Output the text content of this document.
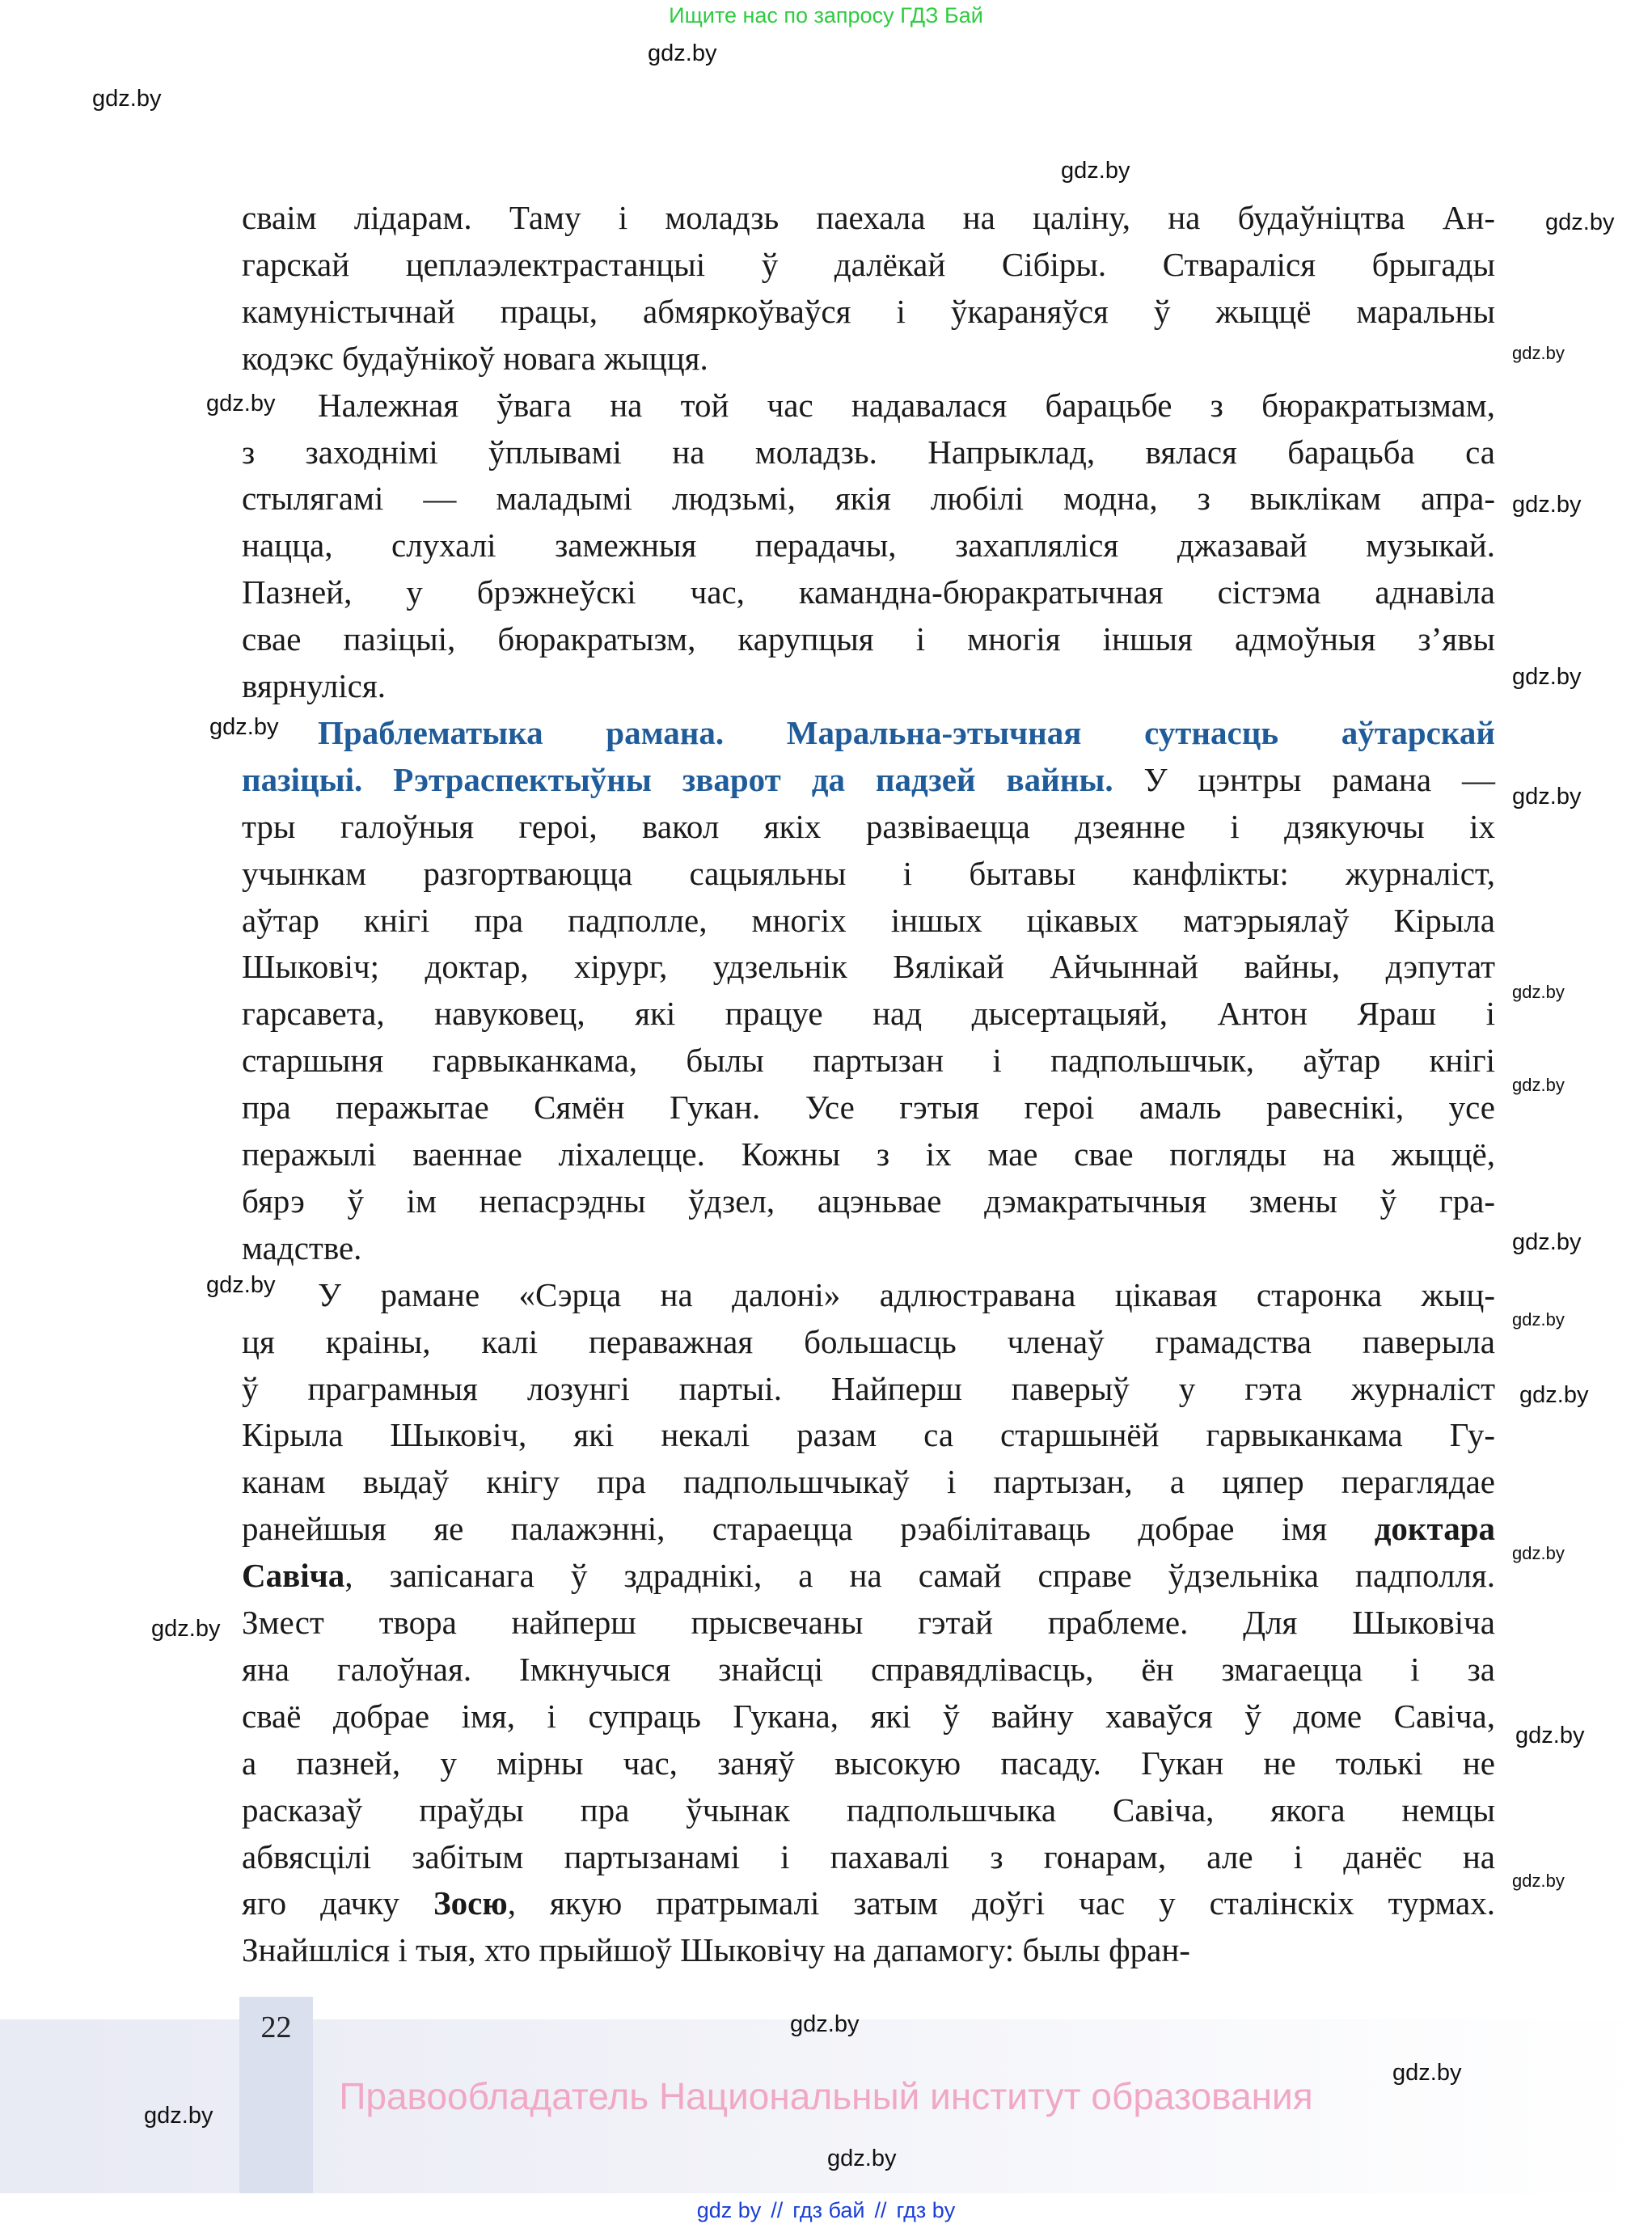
Ищите нас по запросу ГДЗ Бай
сваім лідарам. Таму і моладзь паехала на цаліну, на будаўніцтва Ан-
гарскай цеплаэлектрастанцыі ў далёкай Сібіры. Стварaліся брыгады
камуністычнай працы, абмяркоўваўся і ўкараняўся ў жыццё маральны
кодэкс будаўнікоў новага жыцця.
Належная ўвага на той час надавалася барацьбе з бюракратызмам,
з заходнімі ўплывамі на моладзь. Напрыклад, вялася барацьба са
стылягамі — маладымі людзьмі, якія любілі модна, з выклікам апра-
нацца, слухалі замежныя перадачы, захапляліся джазавай музыкай.
Пазней, у брэжнеўскі час, камандна-бюракратычная сістэма аднавіла
свае пазіцыі, бюракратызм, карупцыя і многія іншыя адмоўныя з’явы
вярнуліся.
Праблематыка рамана. Маральна-этычная сутнасць аўтарскай
пазіцыі. Рэтраспектыўны зварот да падзей вайны. У цэнтры рамана —
тры галоўныя героі, вакол якіх развіваецца дзеянне і дзякуючы іх
учынкам разгортваюцца сацыяльны і бытавы канфлікты: журналіст,
аўтар кнігі пра падполле, многіх іншых цікавых матэрыялаў Кірыла
Шыковіч; доктар, хірург, удзельнік Вялікай Айчыннай вайны, дэпутат
гарсавета, навуковец, які працуе над дысертацыяй, Антон Яраш і
старшыня гарвыканкама, былы партызан і падпольшчык, аўтар кнігі
пра перажытае Сямён Гукан. Усе гэтыя героі амаль равеснікі, усе
перажылі ваеннае ліхалецце. Кожны з іх мае свае погляды на жыццё,
бярэ ў ім непасрэдны ўдзел, ацэньвае дэмакратычныя змены ў гра-
мадстве.
У рамане «Сэрца на далоні» адлюстравана цікавая старонка жыц-
ця краіны, калі пераважная большасць членаў грамадства паверыла
ў праграмныя лозунгі партыі. Найперш паверыў у гэта журналіст
Кірыла Шыковіч, які некалі разам са старшынёй гарвыканкама Гу-
канам выдаў кнігу пра падпольшчыкаў і партызан, а цяпер пераглядае
ранейшыя яе палажэнні, стараецца рэабілітаваць добрае імя доктара
Савіча, запісанага ў здраднікі, а на самай справе ўдзельніка падполля.
Змест твора найперш прысвечаны гэтай праблеме. Для Шыковіча
яна галоўная. Імкнучыся знайсці справядлівасць, ён змагаецца і за
сваё добрае імя, і супраць Гукана, які ў вайну хаваўся ў доме Савіча,
а пазней, у мірны час, заняў высокую пасаду. Гукан не толькі не
расказаў праўды пра ўчынак падпольшчыка Савіча, якога немцы
абвясцілі забітым партызанамі і пахавалі з гонарам, але і данёс на
яго дачку Зосю, якую пратрымалі затым доўгі час у сталінскіх турмах.
Знайшліся і тыя, хто прыйшоў Шыковічу на дапамогу: былы фран-
gdz.by
gdz.by
gdz.by
gdz.by
gdz.by
gdz.by
gdz.by
gdz.by
gdz.by
gdz.by
gdz.by
gdz.by
gdz.by
gdz.by
gdz.by
gdz.by
gdz.by
gdz.by
gdz.by
gdz.by
gdz.by
gdz.by
gdz.by
gdz.by
22
Правообладатель Национальный институт образования
gdz by // гдз бай // гдз by
